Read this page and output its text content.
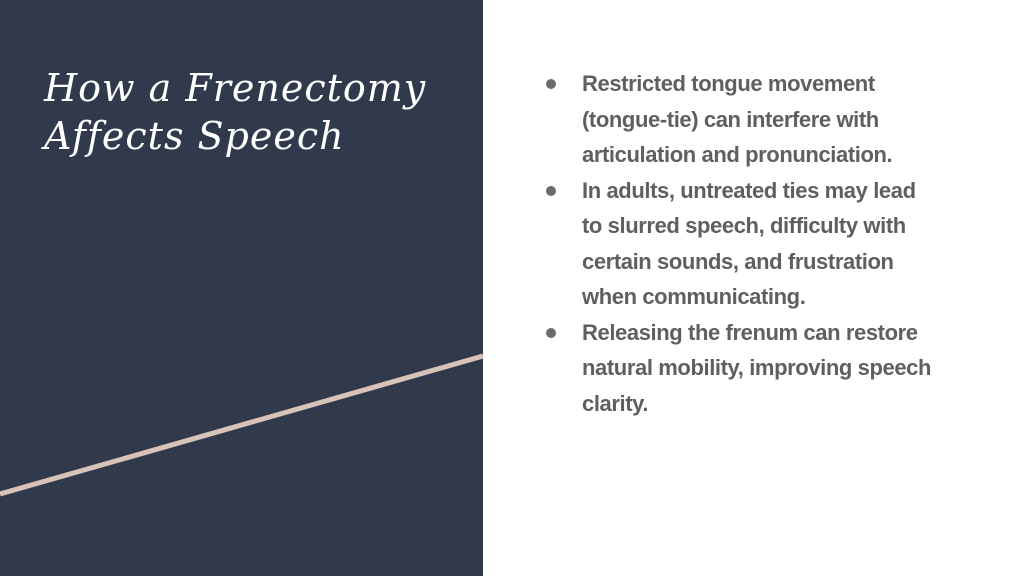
How a Frenectomy
Affects Speech
Restricted tongue movement
(tongue-tie) can interfere with
articulation and pronunciation.
In adults, untreated ties may lead
to slurred speech, difficulty with
certain sounds, and frustration
when communicating.
Releasing the frenum can restore
natural mobility, improving speech
clarity.
